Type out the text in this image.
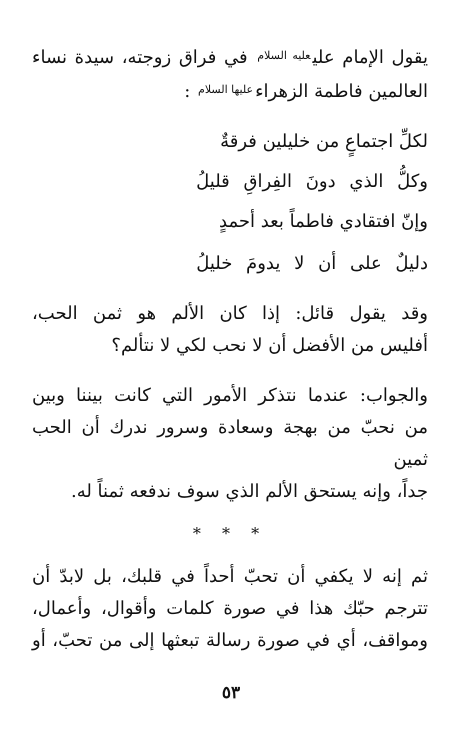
يقول الإمام علي$^{عليه السلام}$ في فراق زوجته، سيدة نساء
العالمين فاطمة الزهراء$^{عليها السلام}$ :

لكلِّ اجتماعٍ من خليلين فرقةٌ

وكلُّ الذي دونَ الفِراقِ قليلُ

وإنّ افتقادي فاطماً بعد أحمدٍ

دليلٌ على أن لا يدومَ خليلُ

وقد يقول قائل: إذا كان الألم هو ثمن الحب،
أفليس من الأفضل أن لا نحب لكي لا نتألم؟

والجواب: عندما نتذكر الأمور التي كانت بيننا وبين
من نحبّ من بهجة وسعادة وسرور ندرك أن الحب ثمين
جداً، وإنه يستحق الألم الذي سوف ندفعه ثمناً له.

* * *

ثم إنه لا يكفي أن تحبّ أحداً في قلبك، بل لابدّ أن
تترجم حبّك هذا في صورة كلمات وأقوال، وأعمال،
ومواقف، أي في صورة رسالة تبعثها إلى من تحبّ، أو

٥٣
